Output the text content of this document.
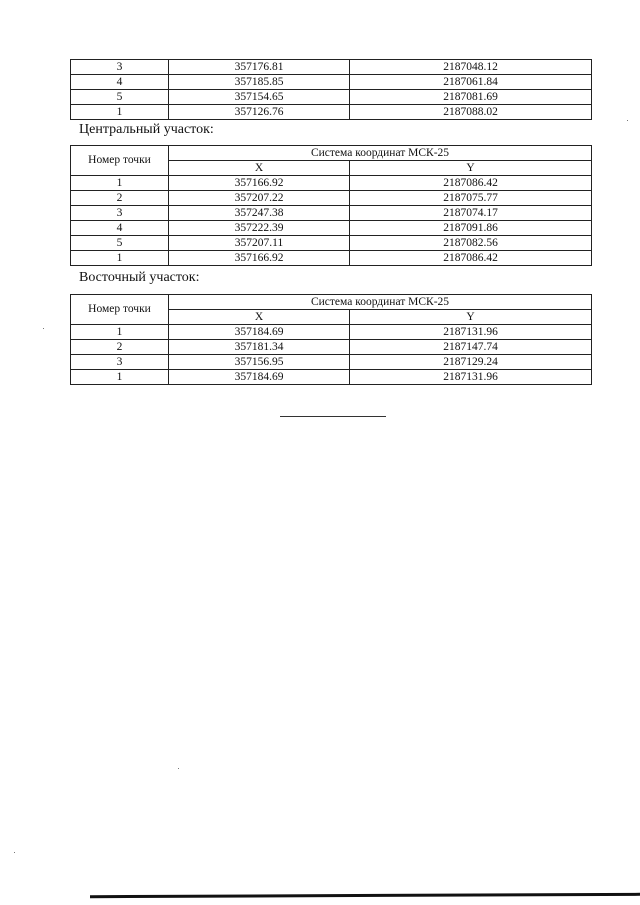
3	357176.81	2187048.12
4	357185.85	2187061.84
5	357154.65	2187081.69
1	357126.76	2187088.02
Центральный участок:
Номер точки	Система координат МСК-25	
	X	Y
1	357166.92	2187086.42
2	357207.22	2187075.77
3	357247.38	2187074.17
4	357222.39	2187091.86
5	357207.11	2187082.56
1	357166.92	2187086.42
Восточный участок:
Номер точки	Система координат МСК-25	
	X	Y
1	357184.69	2187131.96
2	357181.34	2187147.74
3	357156.95	2187129.24
1	357184.69	2187131.96
